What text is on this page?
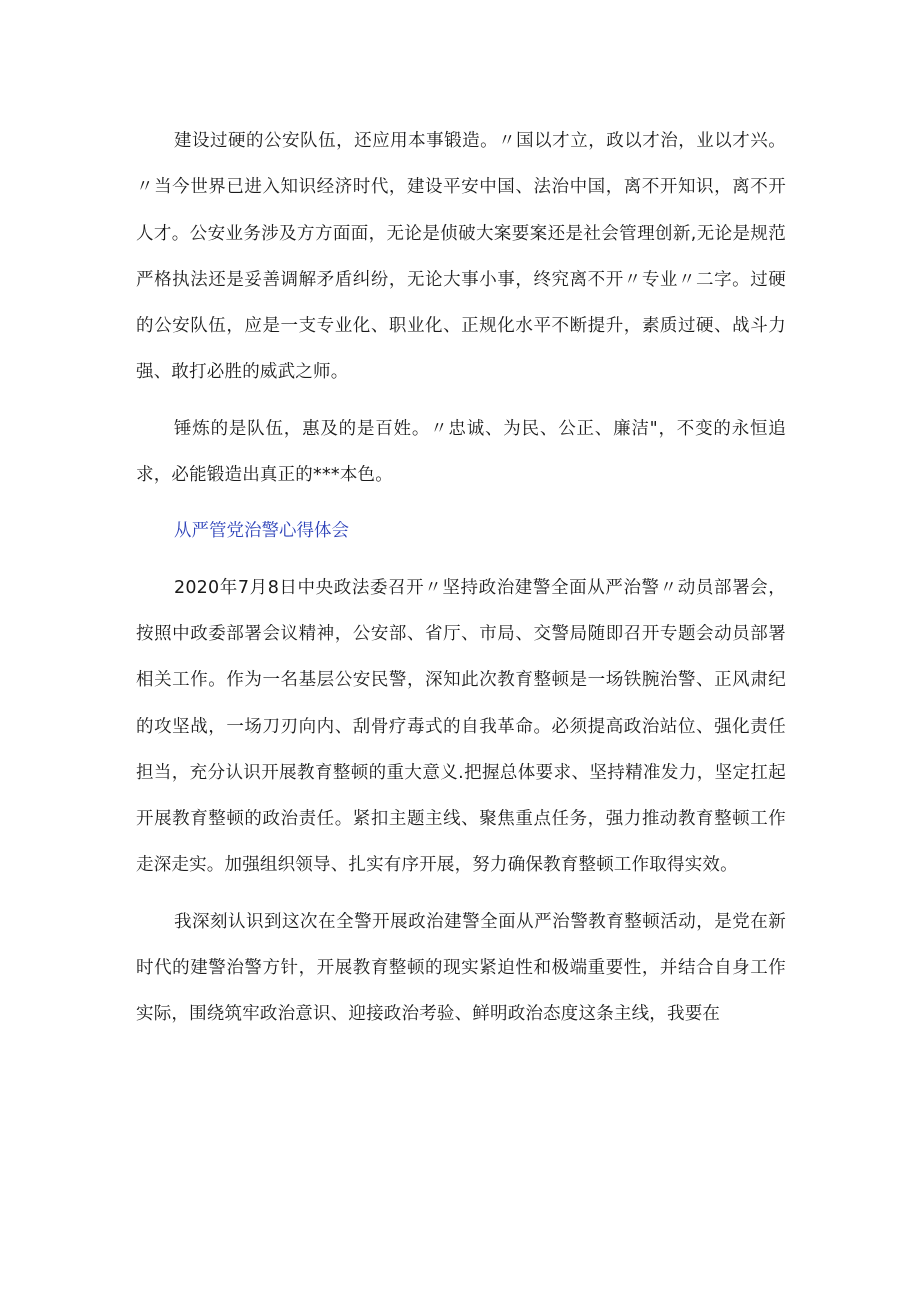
建设过硬的公安队伍，还应用本事锻造。〃国以才立，政以才治，业以才兴。〃当今世界已进入知识经济时代，建设平安中国、法治中国，离不开知识，离不开人才。公安业务涉及方方面面，无论是侦破大案要案还是社会管理创新,无论是规范严格执法还是妥善调解矛盾纠纷，无论大事小事，终究离不开〃专业〃二字。过硬的公安队伍，应是一支专业化、职业化、正规化水平不断提升，素质过硬、战斗力强、敢打必胜的威武之师。

锤炼的是队伍，惠及的是百姓。〃忠诚、为民、公正、廉洁"，不变的永恒追求，必能锻造出真正的***本色。

从严管党治警心得体会

2020年7月8日中央政法委召开〃坚持政治建警全面从严治警〃动员部署会，按照中政委部署会议精神，公安部、省厅、市局、交警局随即召开专题会动员部署相关工作。作为一名基层公安民警，深知此次教育整顿是一场铁腕治警、正风肃纪的攻坚战，一场刀刃向内、刮骨疗毒式的自我革命。必须提高政治站位、强化责任担当，充分认识开展教育整顿的重大意义.把握总体要求、坚持精准发力，坚定扛起开展教育整顿的政治责任。紧扣主题主线、聚焦重点任务，强力推动教育整顿工作走深走实。加强组织领导、扎实有序开展，努力确保教育整顿工作取得实效。

我深刻认识到这次在全警开展政治建警全面从严治警教育整顿活动，是党在新时代的建警治警方针，开展教育整顿的现实紧迫性和极端重要性，并结合自身工作实际，围绕筑牢政治意识、迎接政治考验、鲜明政治态度这条主线，我要在
